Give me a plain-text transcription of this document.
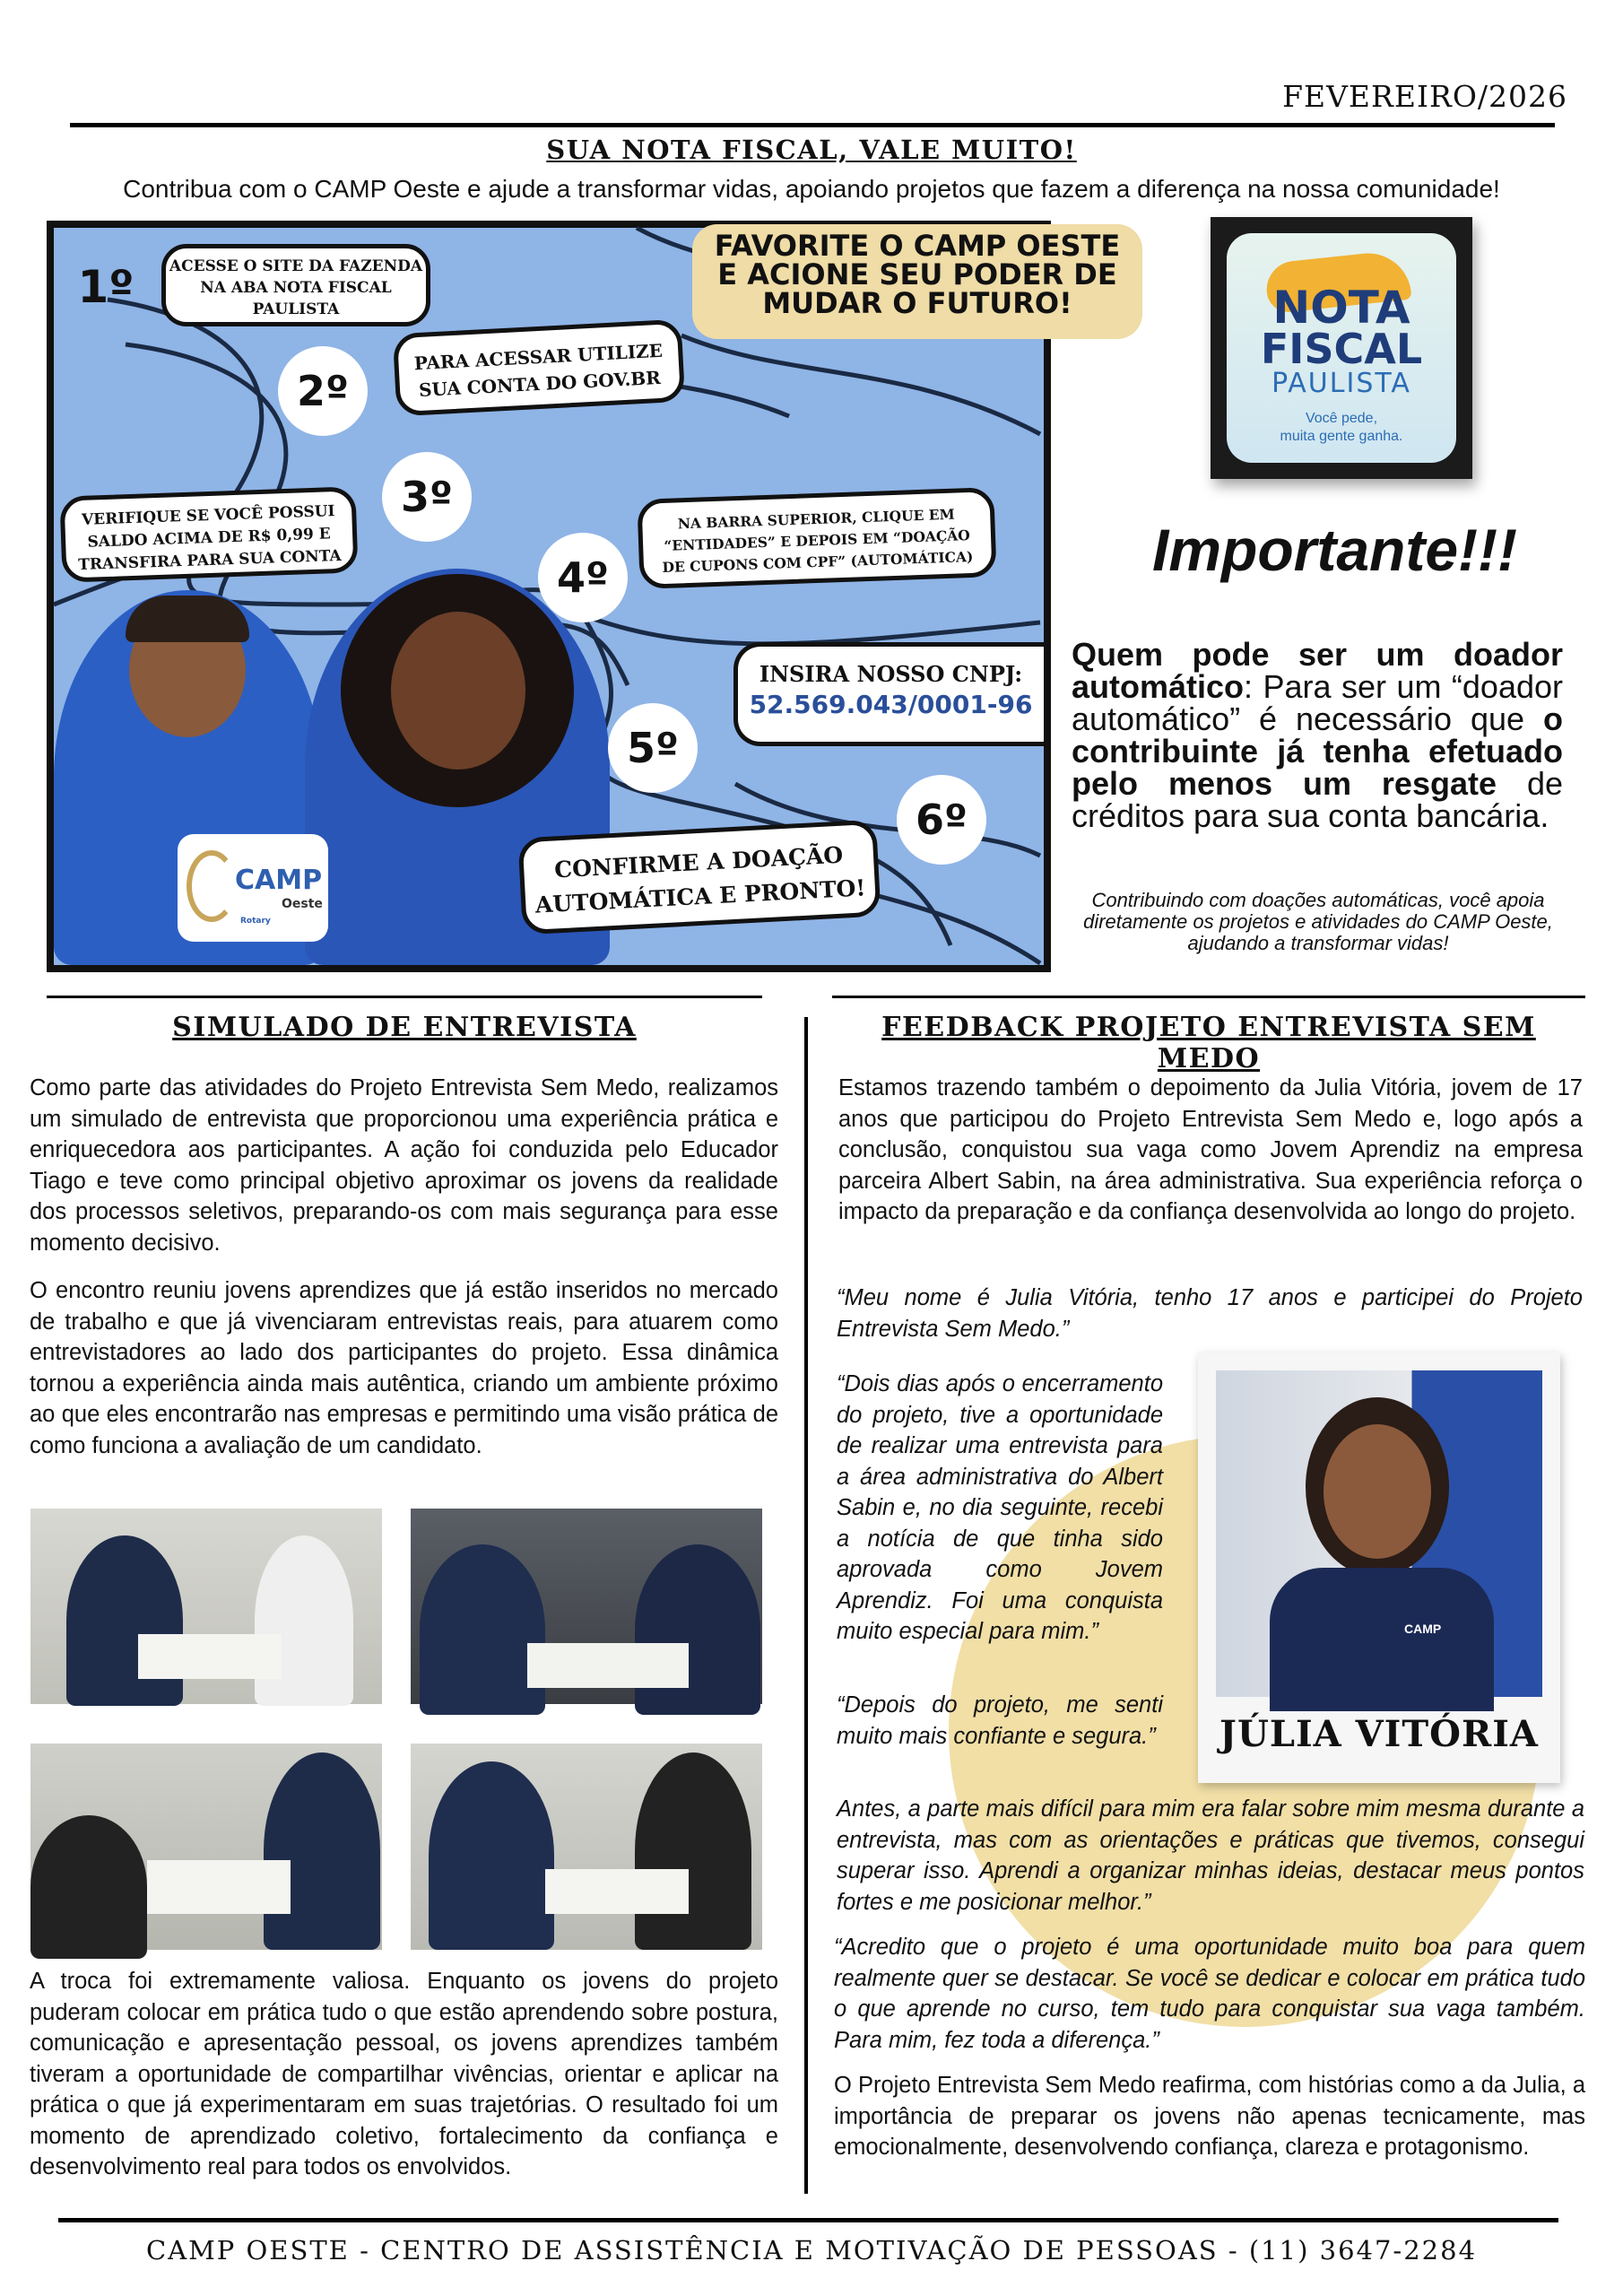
FEVEREIRO/2026
SUA NOTA FISCAL, VALE MUITO!
Contribua com o CAMP Oeste e ajude a transformar vidas, apoiando projetos que fazem a diferença na nossa comunidade!
1º	ACESSE O SITE DA FAZENDA
NA ABA NOTA FISCAL
PAULISTA
FAVORITE O CAMP OESTE
E ACIONE SEU PODER DE
MUDAR O FUTURO!
PARA ACESSAR UTILIZE
SUA CONTA DO GOV.BR
2º
3º
VERIFIQUE SE VOCÊ POSSUI
SALDO ACIMA DE R$ 0,99 E
TRANSFIRA PARA SUA CONTA	4º
NA BARRA SUPERIOR, CLIQUE EM
“ENTIDADES” E DEPOIS EM “DOAÇÃO
DE CUPONS COM CPF” (AUTOMÁTICA)
CAMP
Oeste
Rotary
INSIRA NOSSO CNPJ:
52.569.043/0001-96
5º
6º
CONFIRME A DOAÇÃO
AUTOMÁTICA E PRONTO!
NOTA
FISCAL
PAULISTA
Você pede,
muita gente ganha.
Importante!!!
Quem pode ser um doador automático: Para ser um “doador automático” é necessário que o contribuinte já tenha efetuado pelo menos um resgate de créditos para sua conta bancária.
Contribuindo com doações automáticas, você apoia diretamente os projetos e atividades do CAMP Oeste, ajudando a transformar vidas!
SIMULADO DE ENTREVISTA
Como parte das atividades do Projeto Entrevista Sem Medo, realizamos um simulado de entrevista que proporcionou uma experiência prática e enriquecedora aos participantes. A ação foi conduzida pelo Educador Tiago e teve como principal objetivo aproximar os jovens da realidade dos processos seletivos, preparando-os com mais segurança para esse momento decisivo.
O encontro reuniu jovens aprendizes que já estão inseridos no mercado de trabalho e que já vivenciaram entrevistas reais, para atuarem como entrevistadores ao lado dos participantes do projeto. Essa dinâmica tornou a experiência ainda mais autêntica, criando um ambiente próximo ao que eles encontrarão nas empresas e permitindo uma visão prática de como funciona a avaliação de um candidato.
A troca foi extremamente valiosa. Enquanto os jovens do projeto puderam colocar em prática tudo o que estão aprendendo sobre postura, comunicação e apresentação pessoal, os jovens aprendizes também tiveram a oportunidade de compartilhar vivências, orientar e aplicar na prática o que já experimentaram em suas trajetórias. O resultado foi um momento de aprendizado coletivo, fortalecimento da confiança e desenvolvimento real para todos os envolvidos.
FEEDBACK PROJETO ENTREVISTA SEM MEDO
Estamos trazendo também o depoimento da Julia Vitória, jovem de 17 anos que participou do Projeto Entrevista Sem Medo e, logo após a conclusão, conquistou sua vaga como Jovem Aprendiz na empresa parceira Albert Sabin, na área administrativa. Sua experiência reforça o impacto da preparação e da confiança desenvolvida ao longo do projeto.
“Meu nome é Julia Vitória, tenho 17 anos e participei do Projeto Entrevista Sem Medo.”
“Dois dias após o encerramento do projeto, tive a oportunidade de realizar uma entrevista para a área administrativa do Albert Sabin e, no dia seguinte, recebi a notícia de que tinha sido aprovada como Jovem Aprendiz. Foi uma conquista muito especial para mim.”
“Depois do projeto, me senti muito mais confiante e segura.”
CAMP
JÚLIA VITÓRIA
Antes, a parte mais difícil para mim era falar sobre mim mesma durante a entrevista, mas com as orientações e práticas que tivemos, consegui superar isso. Aprendi a organizar minhas ideias, destacar meus pontos fortes e me posicionar melhor.”
“Acredito que o projeto é uma oportunidade muito boa para quem realmente quer se destacar. Se você se dedicar e colocar em prática tudo o que aprende no curso, tem tudo para conquistar sua vaga também. Para mim, fez toda a diferença.”
O Projeto Entrevista Sem Medo reafirma, com histórias como a da Julia, a importância de preparar os jovens não apenas tecnicamente, mas emocionalmente, desenvolvendo confiança, clareza e protagonismo.
CAMP OESTE - CENTRO DE ASSISTÊNCIA E MOTIVAÇÃO DE PESSOAS - (11) 3647-2284
